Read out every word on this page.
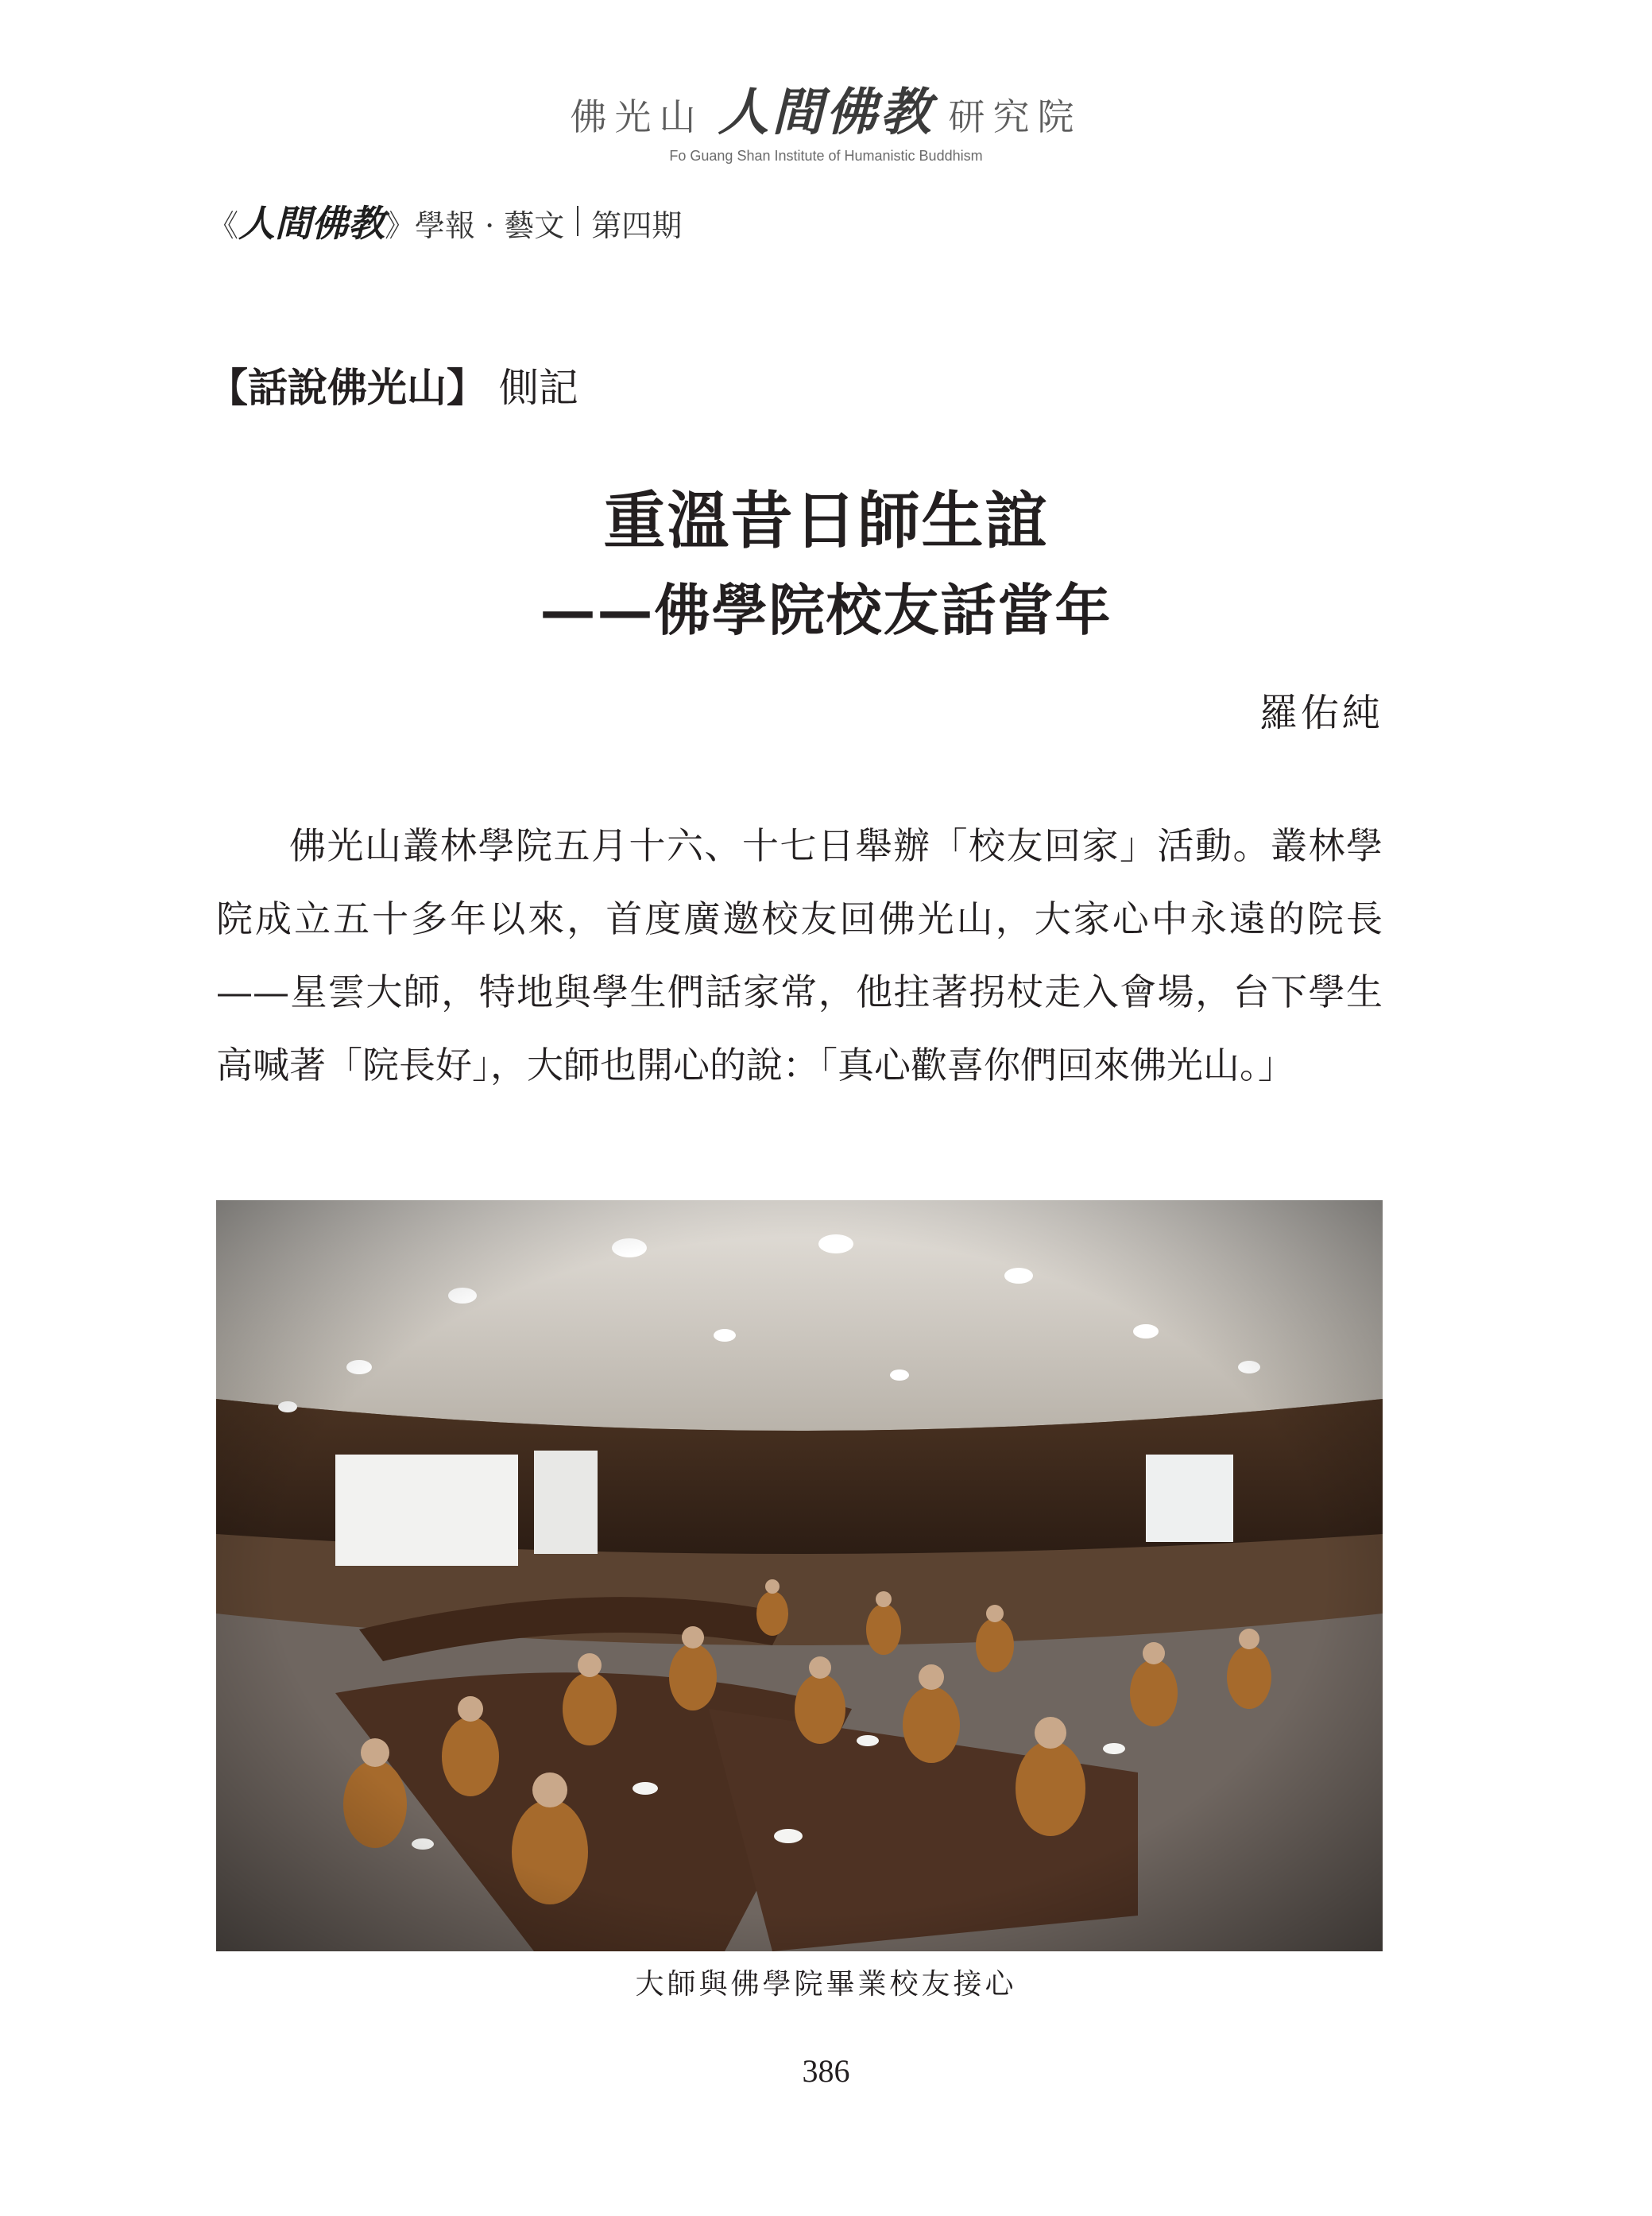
佛光山 人間佛教 研究院
Fo Guang Shan Institute of Humanistic Buddhism
《 人間佛教 》 學報 · 藝文 第四期
【話說佛光山】 側記
重溫昔日師生誼
——佛學院校友話當年
羅佑純

佛光山叢林學院五月十六、十七日舉辦「校友回家」活動。叢林學院成立五十多年以來，首度廣邀校友回佛光山，大家心中永遠的院長——星雲大師，特地與學生們話家常，他拄著拐杖走入會場，台下學生高喊著「院長好」，大師也開心的說：「真心歡喜你們回來佛光山。」

大師與佛學院畢業校友接心
386
